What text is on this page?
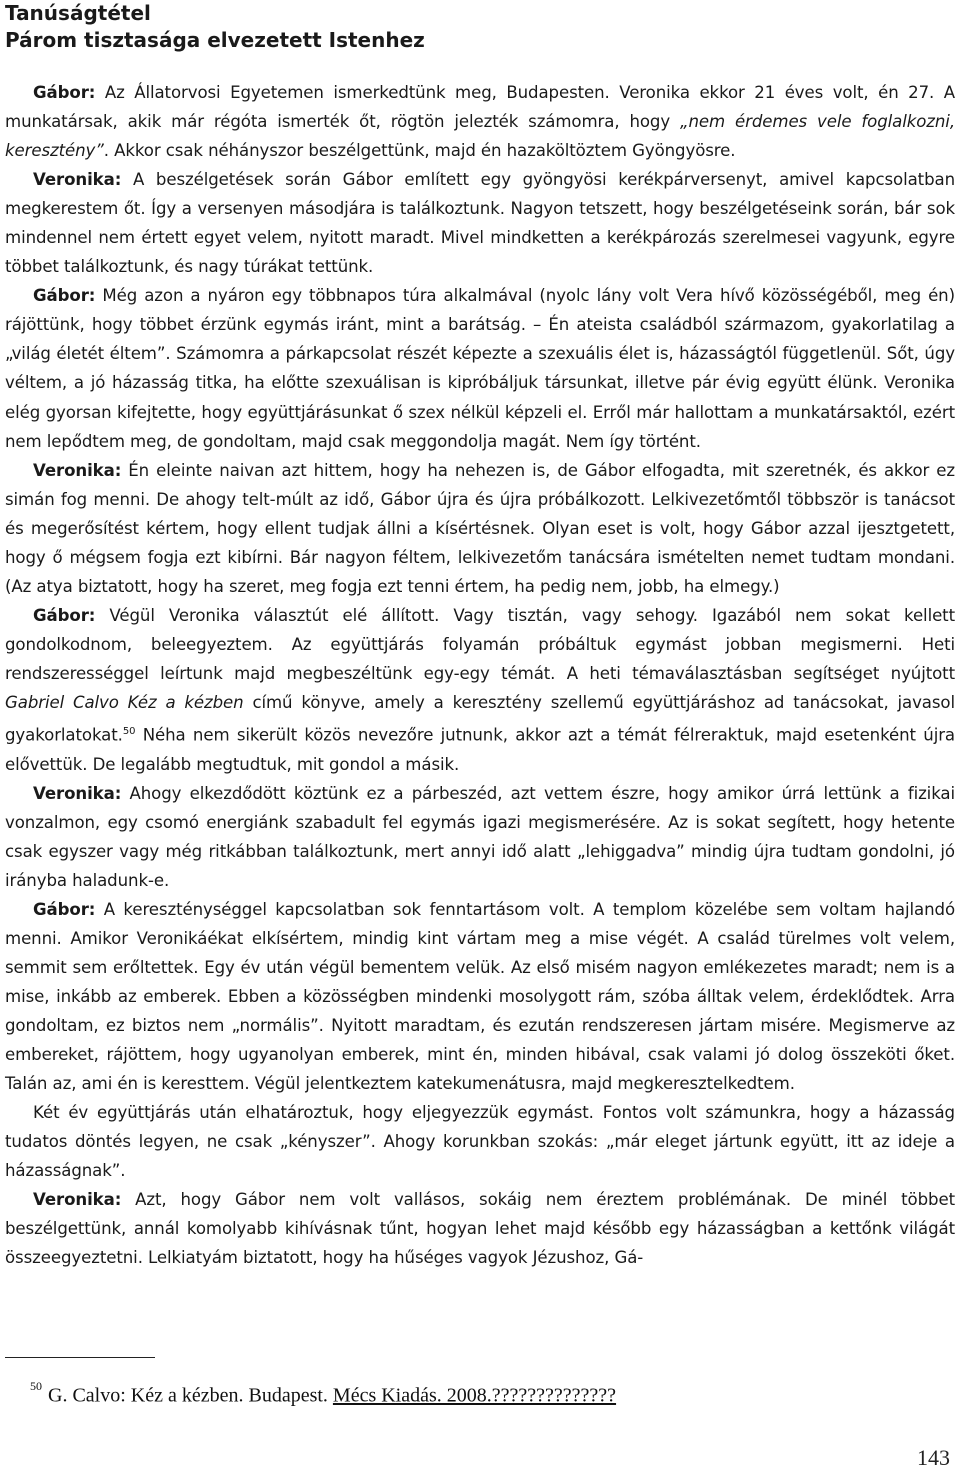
Tanúságtétel
Párom tisztasága elvezetett Istenhez

Gábor: Az Állatorvosi Egyetemen ismerkedtünk meg, Budapesten. Veronika ekkor 21 éves volt, én 27. A munkatársak, akik már régóta ismerték őt, rögtön jelezték számomra, hogy „nem érdemes vele foglalkozni, keresztény”. Akkor csak néhányszor beszélgettünk, majd én hazaköltöztem Gyöngyösre.

Veronika: A beszélgetések során Gábor említett egy gyöngyösi kerékpárversenyt, amivel kapcsolatban megkerestem őt. Így a versenyen másodjára is találkoztunk. Nagyon tetszett, hogy beszélgetéseink során, bár sok mindennel nem értett egyet velem, nyitott maradt. Mivel mindketten a kerékpározás szerelmesei vagyunk, egyre többet találkoztunk, és nagy túrákat tettünk.

Gábor: Még azon a nyáron egy többnapos túra alkalmával (nyolc lány volt Vera hívő közösségéből, meg én) rájöttünk, hogy többet érzünk egymás iránt, mint a barátság. – Én ateista családból származom, gyakorlatilag a „világ életét éltem”. Számomra a párkapcsolat részét képezte a szexuális élet is, házasságtól függetlenül. Sőt, úgy véltem, a jó házasság titka, ha előtte szexuálisan is kipróbáljuk társunkat, illetve pár évig együtt élünk. Veronika elég gyorsan kifejtette, hogy együttjárásunkat ő szex nélkül képzeli el. Erről már hallottam a munkatársaktól, ezért nem lepődtem meg, de gondoltam, majd csak meggondolja magát. Nem így történt.

Veronika: Én eleinte naivan azt hittem, hogy ha nehezen is, de Gábor elfogadta, mit szeretnék, és akkor ez simán fog menni. De ahogy telt-múlt az idő, Gábor újra és újra próbálkozott. Lelkivezetőmtől többször is tanácsot és megerősítést kértem, hogy ellent tudjak állni a kísértésnek. Olyan eset is volt, hogy Gábor azzal ijesztgetett, hogy ő mégsem fogja ezt kibírni. Bár nagyon féltem, lelkivezetőm tanácsára ismételten nemet tudtam mondani. (Az atya biztatott, hogy ha szeret, meg fogja ezt tenni értem, ha pedig nem, jobb, ha elmegy.)

Gábor: Végül Veronika választút elé állított. Vagy tisztán, vagy sehogy. Igazából nem sokat kellett gondolkodnom, beleegyeztem. Az együttjárás folyamán próbáltuk egymást jobban megismerni. Heti rendszerességgel leírtunk majd megbeszéltünk egy-egy témát. A heti témaválasztásban segítséget nyújtott Gabriel Calvo Kéz a kézben című könyve, amely a keresztény szellemű együttjáráshoz ad tanácsokat, javasol gyakorlatokat.$^{50}$ Néha nem sikerült közös nevezőre jutnunk, akkor azt a témát félreraktuk, majd esetenként újra elővettük. De legalább megtudtuk, mit gondol a másik.

Veronika: Ahogy elkezdődött köztünk ez a párbeszéd, azt vettem észre, hogy amikor úrrá lettünk a fizikai vonzalmon, egy csomó energiánk szabadult fel egymás igazi megismerésére. Az is sokat segített, hogy hetente csak egyszer vagy még ritkábban találkoztunk, mert annyi idő alatt „lehiggadva” mindig újra tudtam gondolni, jó irányba haladunk-e.

Gábor: A kereszténységgel kapcsolatban sok fenntartásom volt. A templom közelébe sem voltam hajlandó menni. Amikor Veronikáékat elkísértem, mindig kint vártam meg a mise végét. A család türelmes volt velem, semmit sem erőltettek. Egy év után végül bementem velük. Az első misém nagyon emlékezetes maradt; nem is a mise, inkább az emberek. Ebben a közösségben mindenki mosolygott rám, szóba álltak velem, érdeklődtek. Arra gondoltam, ez biztos nem „normális”. Nyitott maradtam, és ezután rendszeresen jártam misére. Megismerve az embereket, rájöttem, hogy ugyanolyan emberek, mint én, minden hibával, csak valami jó dolog összeköti őket. Talán az, ami én is keresttem. Végül jelentkeztem katekumenátusra, majd megkeresztelkedtem.

Két év együttjárás után elhatároztuk, hogy eljegyezzük egymást. Fontos volt számunkra, hogy a házasság tudatos döntés legyen, ne csak „kényszer”. Ahogy korunkban szokás: „már eleget jártunk együtt, itt az ideje a házasságnak”.

Veronika: Azt, hogy Gábor nem volt vallásos, sokáig nem éreztem problémának. De minél többet beszélgettünk, annál komolyabb kihívásnak tűnt, hogyan lehet majd később egy házasságban a kettőnk világát összeegyeztetni. Lelkiatyám biztatott, hogy ha hűséges vagyok Jézushoz, Gá-

$^{50}$ G. Calvo: Kéz a kézben. Budapest. Mécs Kiadás. 2008.??????????????
143
